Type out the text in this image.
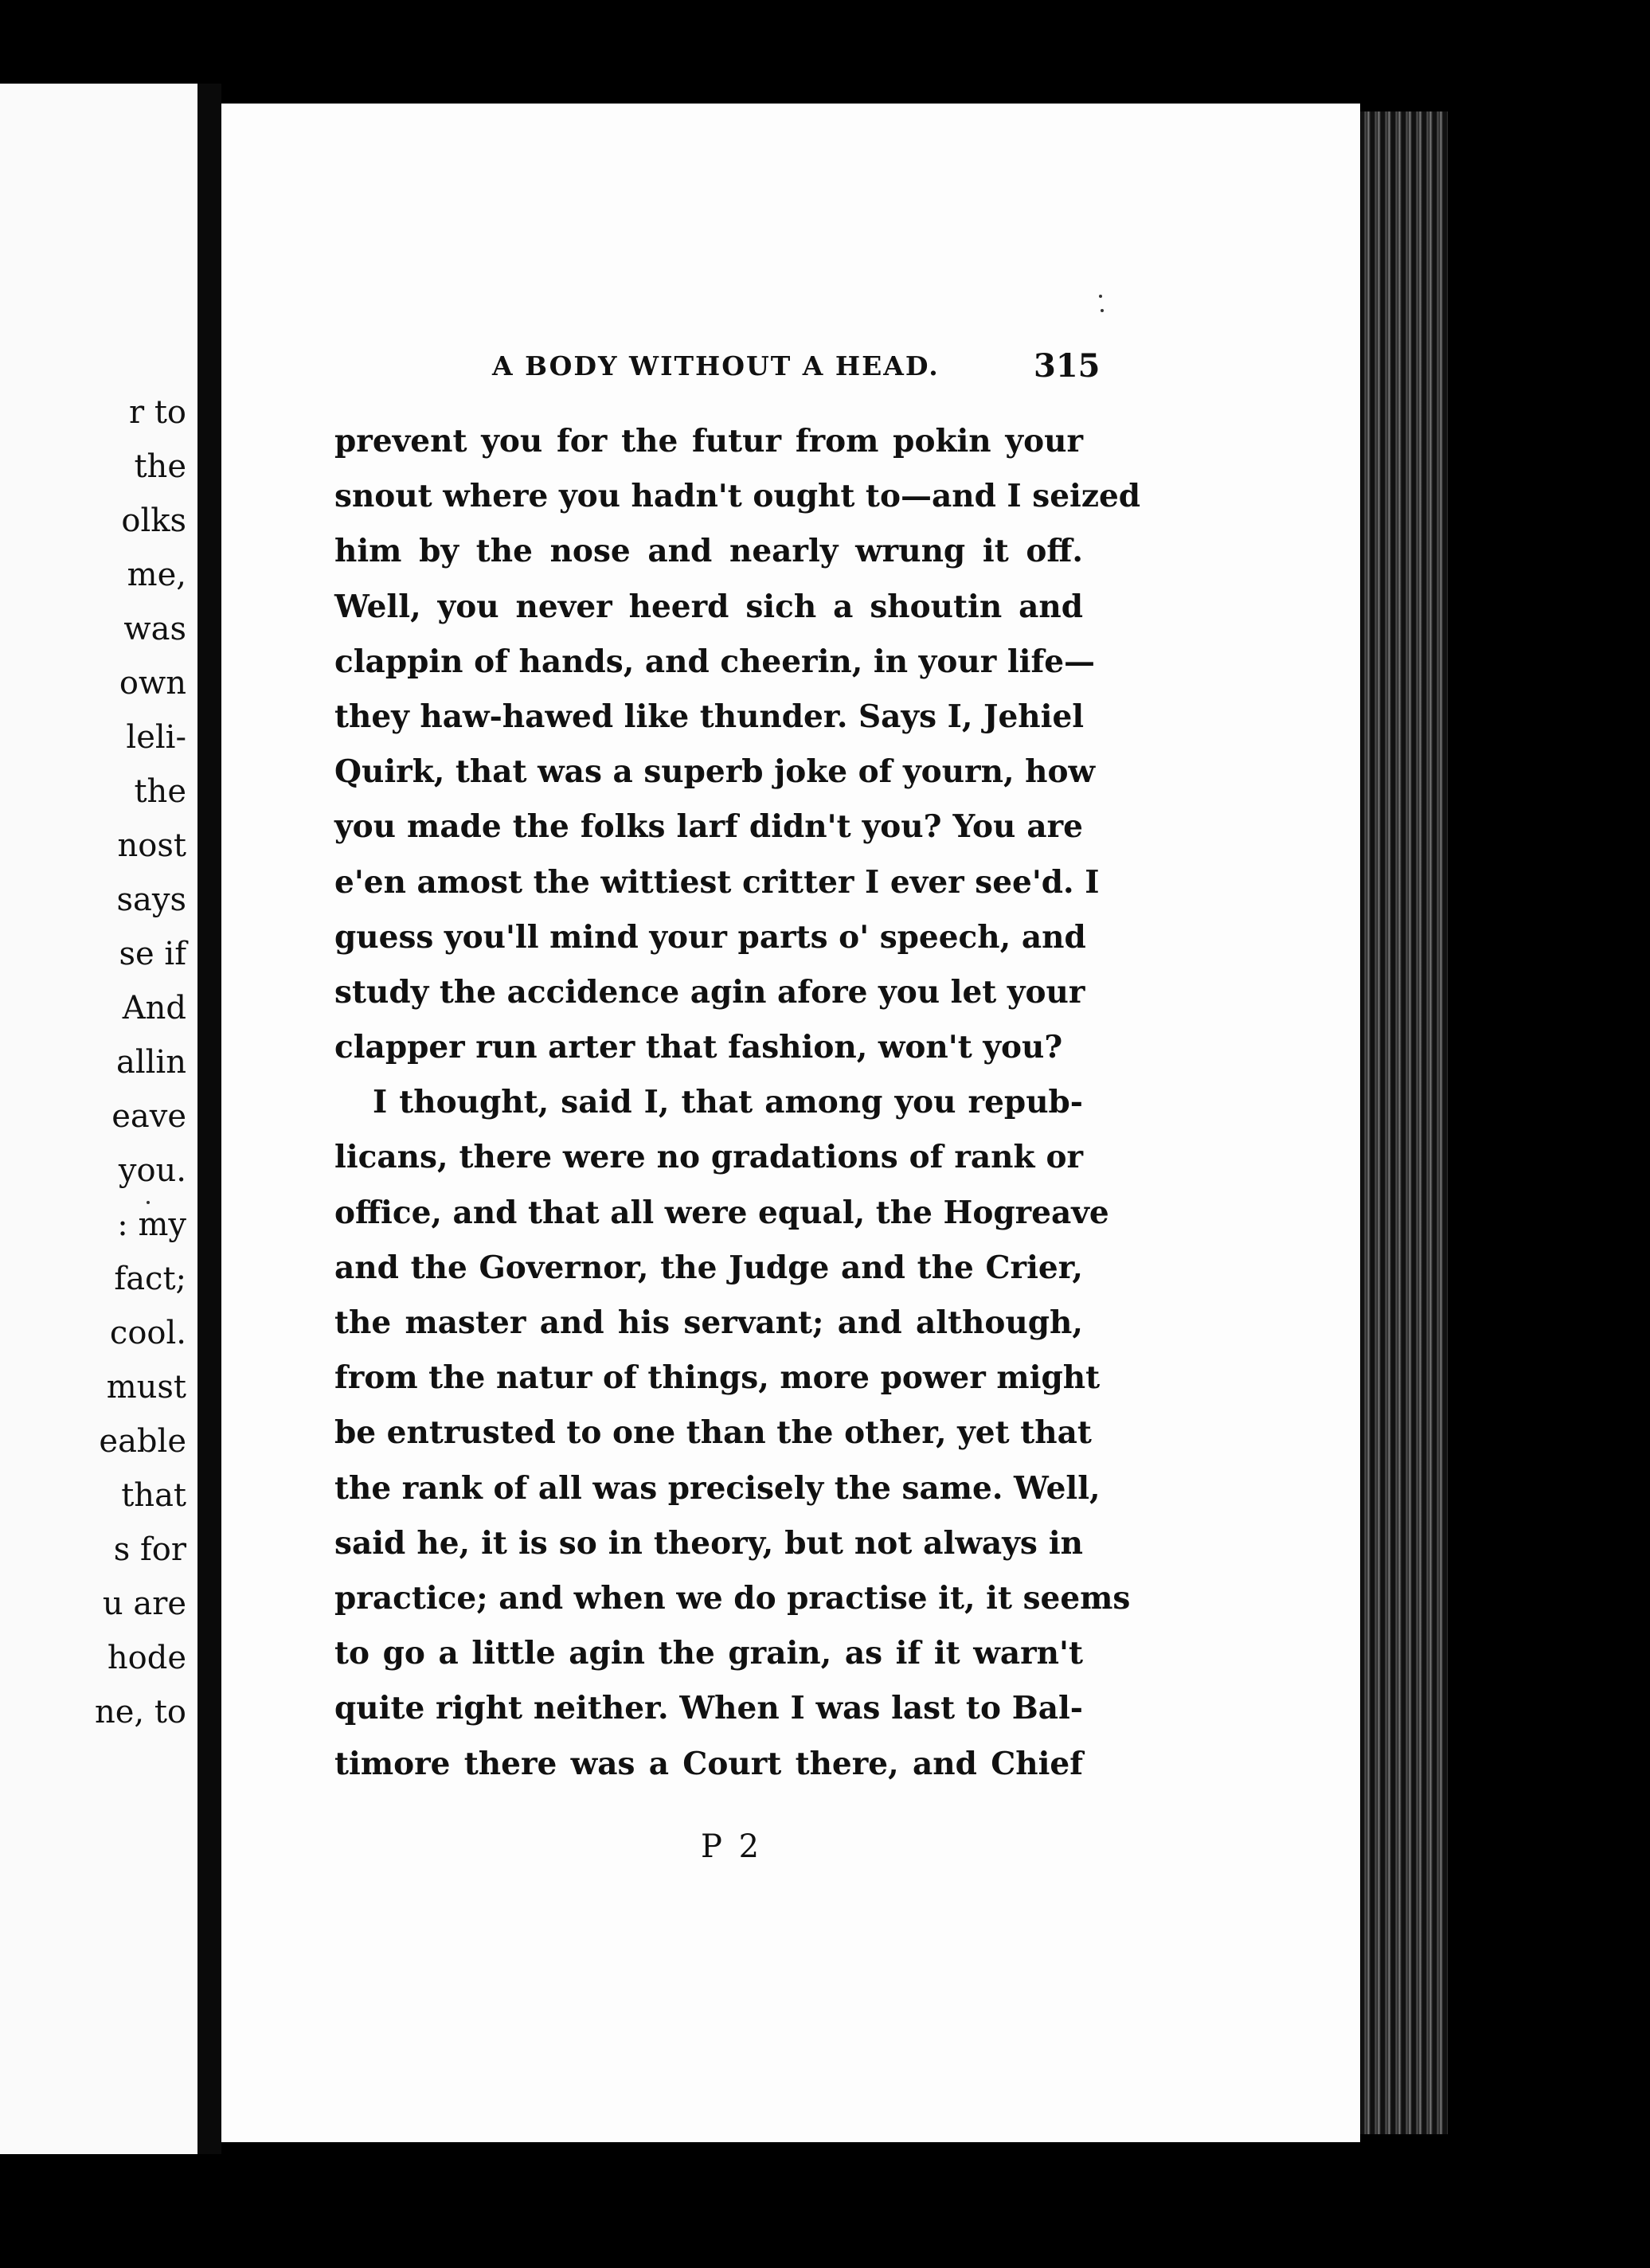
r to

the

olks

me,

was

own

leli-

the

nost

says

se if

And

allin

eave

you.

: my

fact;

cool.

must

eable

that

s for

u are

hode

ne, to

A BODY WITHOUT A HEAD.	315

prevent you for the futur from pokin your
snout where you hadn't ought to—and I seized
him by the nose and nearly wrung it off.
Well, you never heerd sich a shoutin and
clappin of hands, and cheerin, in your life—
they haw-hawed like thunder. Says I, Jehiel
Quirk, that was a superb joke of yourn, how
you made the folks larf didn't you? You are
e'en amost the wittiest critter I ever see'd. I
guess you'll mind your parts o' speech, and
study the accidence agin afore you let your
clapper run arter that fashion, won't you?
I thought, said I, that among you repub-
licans, there were no gradations of rank or
office, and that all were equal, the Hogreave
and the Governor, the Judge and the Crier,
the master and his servant; and although,
from the natur of things, more power might
be entrusted to one than the other, yet that
the rank of all was precisely the same. Well,
said he, it is so in theory, but not always in
practice; and when we do practise it, it seems
to go a little agin the grain, as if it warn't
quite right neither. When I was last to Bal-
timore there was a Court there, and Chief

P 2
